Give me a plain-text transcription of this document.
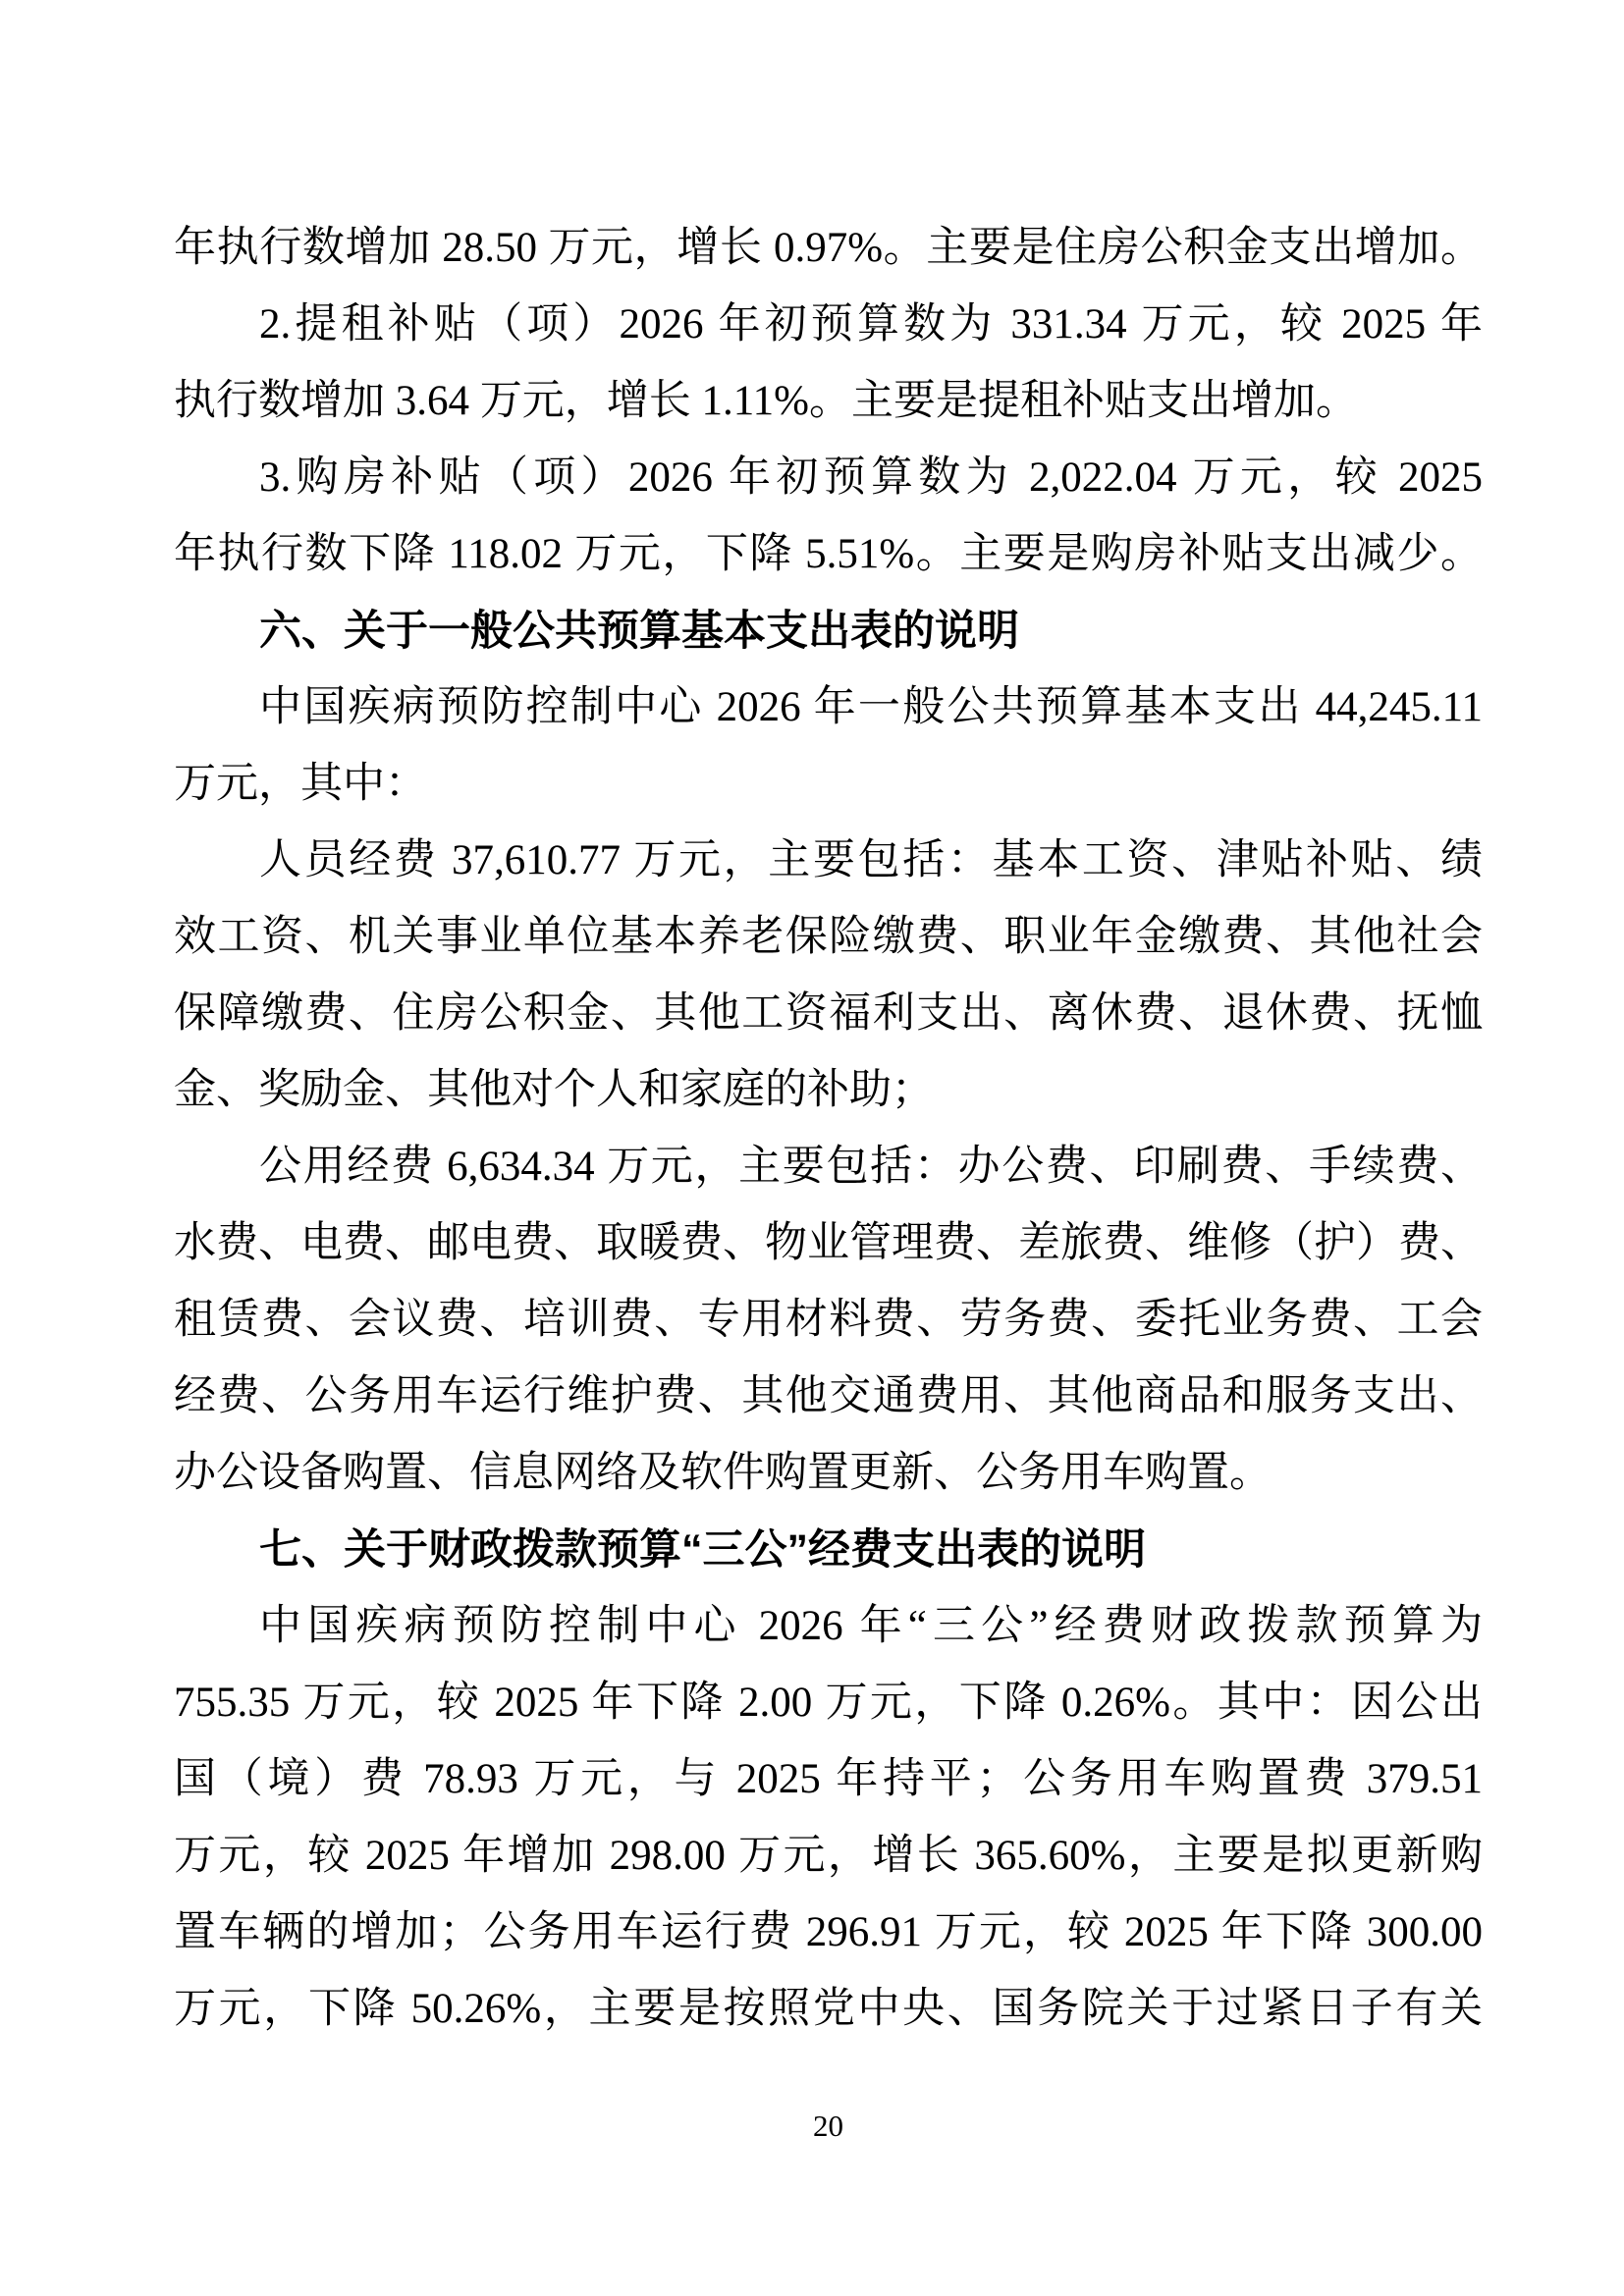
年执行数增加 28.50 万元，增长 0.97%。主要是住房公积金支出增加。
2.提租补贴（项）2026 年初预算数为 331.34 万元，较 2025 年
执行数增加 3.64 万元，增长 1.11%。主要是提租补贴支出增加。
3.购房补贴（项）2026 年初预算数为 2,022.04 万元，较 2025
年执行数下降 118.02 万元，下降 5.51%。主要是购房补贴支出减少。
六、关于一般公共预算基本支出表的说明
中国疾病预防控制中心 2026 年一般公共预算基本支出 44,245.11
万元，其中：
人员经费 37,610.77 万元，主要包括：基本工资、津贴补贴、绩
效工资、机关事业单位基本养老保险缴费、职业年金缴费、其他社会
保障缴费、住房公积金、其他工资福利支出、离休费、退休费、抚恤
金、奖励金、其他对个人和家庭的补助；
公用经费 6,634.34 万元，主要包括：办公费、印刷费、手续费、
水费、电费、邮电费、取暖费、物业管理费、差旅费、维修（护）费、
租赁费、会议费、培训费、专用材料费、劳务费、委托业务费、工会
经费、公务用车运行维护费、其他交通费用、其他商品和服务支出、
办公设备购置、信息网络及软件购置更新、公务用车购置。
七、关于财政拨款预算“三公”经费支出表的说明
中国疾病预防控制中心 2026 年“三公”经费财政拨款预算为
755.35 万元，较 2025 年下降 2.00 万元，下降 0.26%。其中：因公出
国（境）费 78.93 万元，与 2025 年持平；公务用车购置费 379.51
万元，较 2025 年增加 298.00 万元，增长 365.60%，主要是拟更新购
置车辆的增加；公务用车运行费 296.91 万元，较 2025 年下降 300.00
万元，下降 50.26%，主要是按照党中央、国务院关于过紧日子有关
20
